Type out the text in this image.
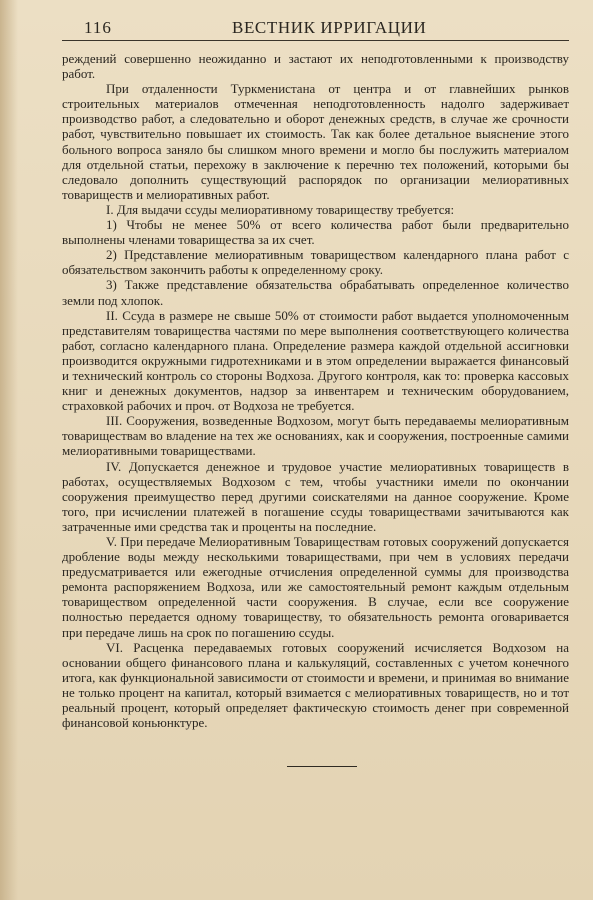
116	ВЕСТНИК ИРРИГАЦИИ

реждений совершенно неожиданно и застают их неподготовленными к производству работ.

При отдаленности Туркменистана от центра и от главнейших рынков строительных материалов отмеченная неподготовленность надолго задерживает производство работ, а следовательно и оборот денежных средств, в случае же срочности работ, чувствительно повышает их стоимость. Так как более детальное выяснение этого больного вопроса заняло бы слишком много времени и могло бы послужить материалом для отдельной статьи, перехожу в заключение к перечню тех положений, которыми бы следовало дополнить существующий распорядок по организации мелиоративных товариществ и мелиоративных работ.

I. Для выдачи ссуды мелиоративному товариществу требуется:

1) Чтобы не менее 50% от всего количества работ были предварительно выполнены членами товарищества за их счет.

2) Представление мелиоративным товариществом календарного плана работ с обязательством закончить работы к определенному сроку.

3) Также представление обязательства обрабатывать определенное количество земли под хлопок.

II. Ссуда в размере не свыше 50% от стоимости работ выдается уполномоченным представителям товарищества частями по мере выполнения соответствующего количества работ, согласно календарного плана. Определение размера каждой отдельной ассигновки производится окружными гидротехниками и в этом определении выражается финансовый и технический контроль со стороны Водхоза. Другого контроля, как то: проверка кассовых книг и денежных документов, надзор за инвентарем и техническим оборудованием, страховкой рабочих и проч. от Водхоза не требуется.

III. Сооружения, возведенные Водхозом, могут быть передаваемы мелиоративным товариществам во владение на тех же основаниях, как и сооружения, построенные самими мелиоративными товариществами.

IV. Допускается денежное и трудовое участие мелиоративных товариществ в работах, осуществляемых Водхозом с тем, чтобы участники имели по окончании сооружения преимущество перед другими соискателями на данное сооружение. Кроме того, при исчислении платежей в погашение ссуды товариществами зачитываются как затраченные ими средства так и проценты на последние.

V. При передаче Мелиоративным Товариществам готовых сооружений допускается дробление воды между несколькими товариществами, при чем в условиях передачи предусматривается или ежегодные отчисления определенной суммы для производства ремонта распоряжением Водхоза, или же самостоятельный ремонт каждым отдельным товариществом определенной части сооружения. В случае, если все сооружение полностью передается одному товариществу, то обязательность ремонта оговаривается при передаче лишь на срок по погашению ссуды.

VI. Расценка передаваемых готовых сооружений исчисляется Водхозом на основании общего финансового плана и калькуляций, составленных с учетом конечного итога, как функциональной зависимости от стоимости и времени, и принимая во внимание не только процент на капитал, который взимается с мелиоративных товариществ, но и тот реальный процент, который определяет фактическую стоимость денег при современной финансовой коньюнктуре.
